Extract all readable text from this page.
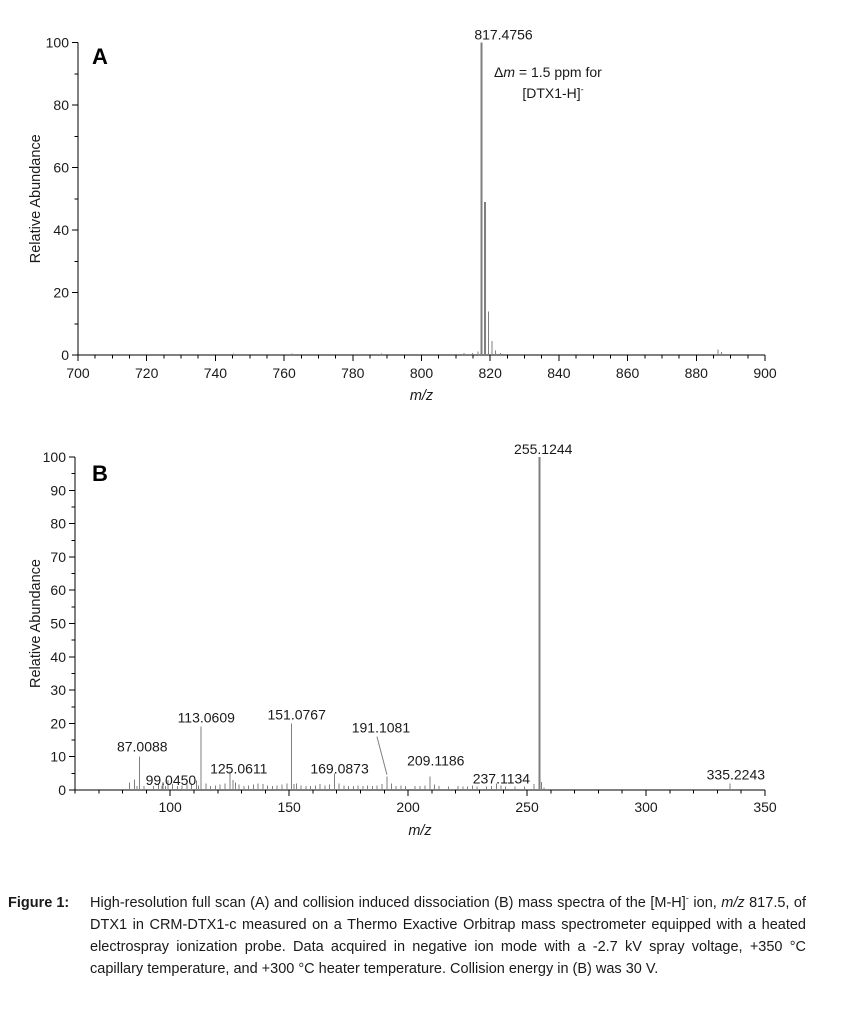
700	720	740	760	780	800	820	840	860	880	900
0
20
40
60
80
100
m/z
Relative Abundance
817.4756
100	150	200	250	300	350
0
10
20
30
40
50
60
70
80
90
100
m/z
Relative Abundance
87.0088
99.0450
113.0609
125.0611
151.0767
169.0873
191.1081
209.1186
237.1134
255.1244
335.2243
A
B
Δm = 1.5 ppm for
[DTX1-H]-
Figure 1:	High-resolution full scan (A) and collision induced dissociation (B) mass spectra of the [M-H]- ion, m/z 817.5, of DTX1 in CRM-DTX1-c measured on a Thermo Exactive Orbitrap mass spectrometer equipped with a heated electrospray ionization probe. Data acquired in negative ion mode with a -2.7 kV spray voltage, +350 °C capillary temperature, and +300 °C heater temperature. Collision energy in (B) was 30 V.
